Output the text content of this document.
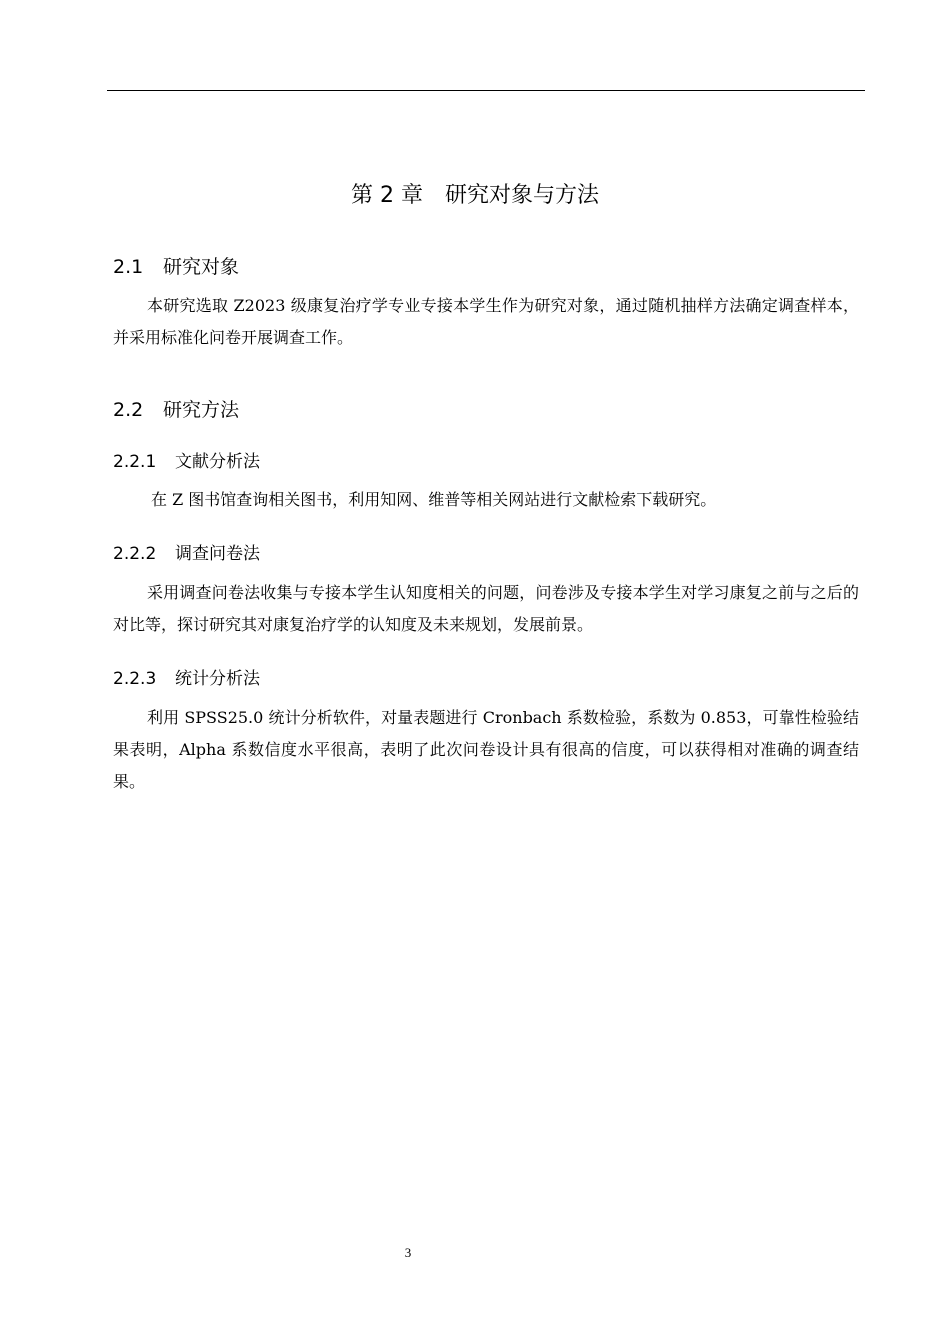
第 2 章　研究对象与方法
2.1 研究对象

本研究选取 Z2023 级康复治疗学专业专接本学生作为研究对象，通过随机抽样方法确定调查样本，并采用标准化问卷开展调查工作。

2.2 研究方法
2.2.1 文献分析法

在 Z 图书馆查询相关图书，利用知网、维普等相关网站进行文献检索下载研究。

2.2.2 调查问卷法

采用调查问卷法收集与专接本学生认知度相关的问题，问卷涉及专接本学生对学习康复之前与之后的对比等，探讨研究其对康复治疗学的认知度及未来规划，发展前景。

2.2.3 统计分析法

利用 SPSS25.0 统计分析软件，对量表题进行 Cronbach 系数检验，系数为 0.853，可靠性检验结果表明，Alpha 系数信度水平很高，表明了此次问卷设计具有很高的信度，可以获得相对准确的调查结果。

3
